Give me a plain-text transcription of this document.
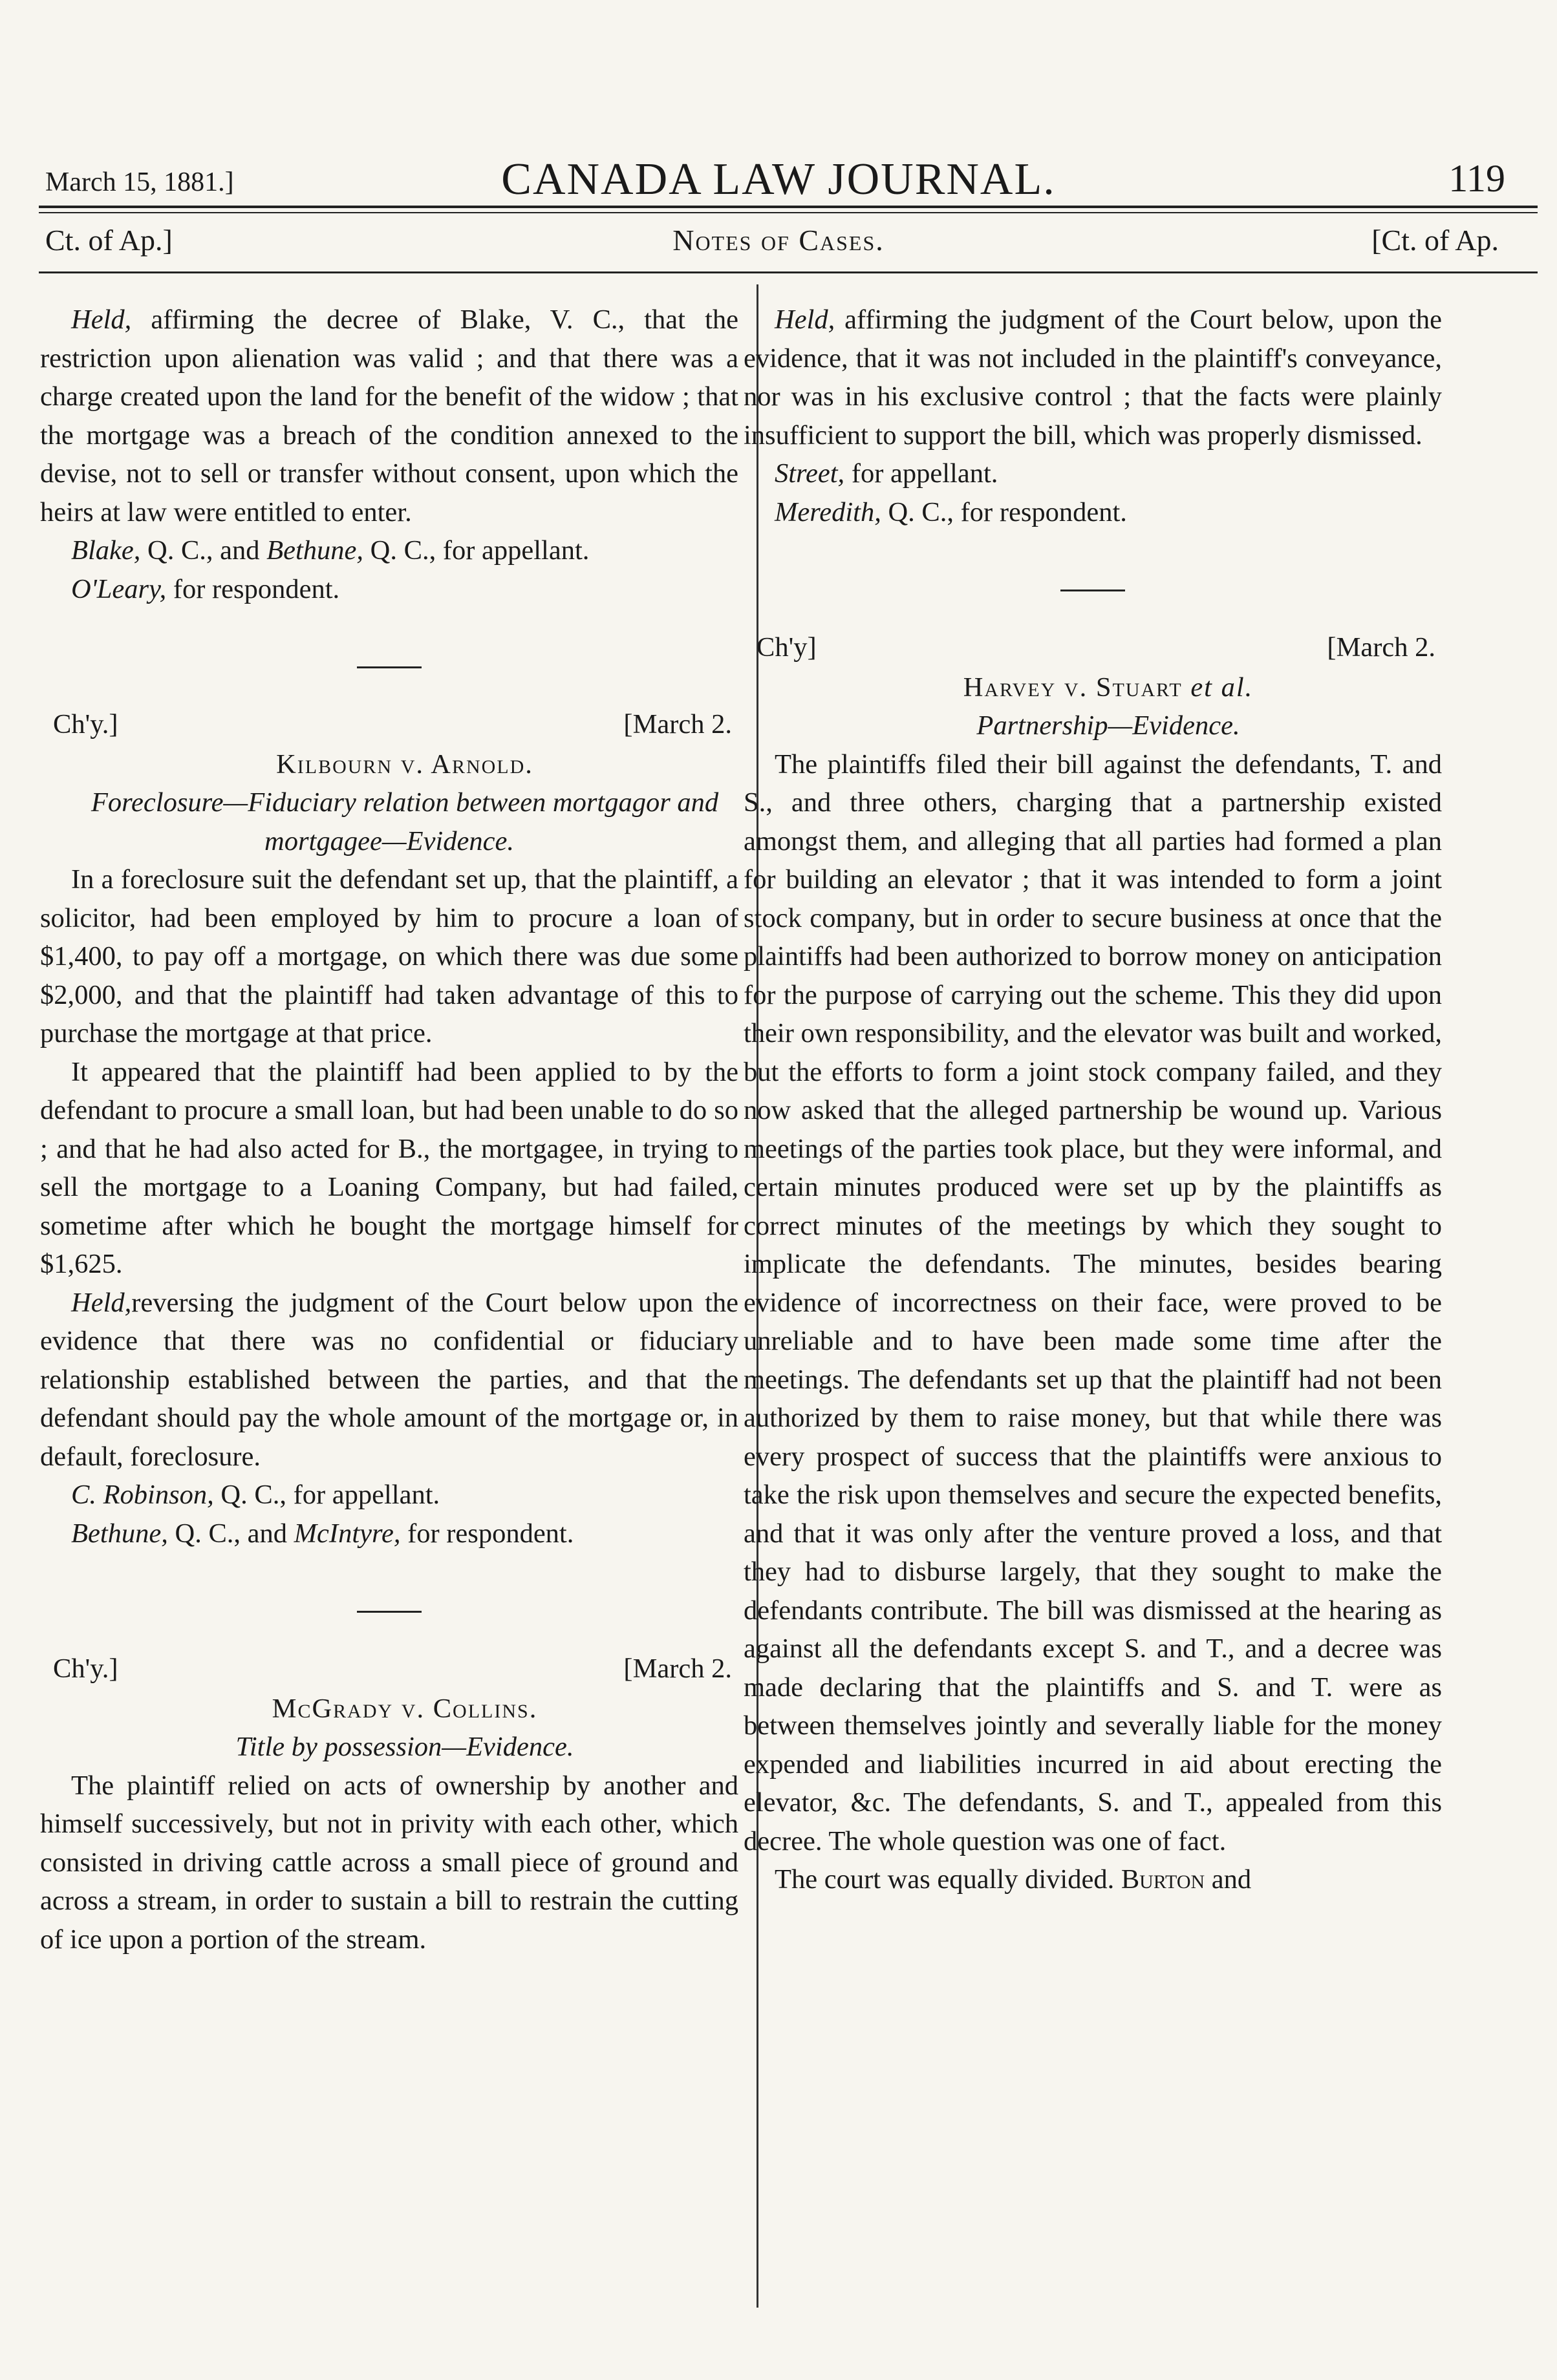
March 15, 1881.]	CANADA LAW JOURNAL.	119
Ct. of Ap.]	Notes of Cases.	[Ct. of Ap.

Held, affirming the decree of Blake, V. C., that the restriction upon alienation was valid ; and that there was a charge created upon the land for the benefit of the widow ; that the mortgage was a breach of the condition annexed to the devise, not to sell or transfer without consent, upon which the heirs at law were entitled to enter.

Blake, Q. C., and Bethune, Q. C., for appellant.

O'Leary, for respondent.

Ch'y.]	[March 2.

Kilbourn v. Arnold.

Foreclosure—Fiduciary relation between mortgagor and mortgagee—Evidence.

In a foreclosure suit the defendant set up, that the plaintiff, a solicitor, had been employed by him to procure a loan of $1,400, to pay off a mortgage, on which there was due some $2,000, and that the plaintiff had taken advantage of this to purchase the mortgage at that price.

It appeared that the plaintiff had been applied to by the defendant to procure a small loan, but had been unable to do so ; and that he had also acted for B., the mortgagee, in trying to sell the mortgage to a Loaning Company, but had failed, sometime after which he bought the mortgage himself for $1,625.

Held,reversing the judgment of the Court below upon the evidence that there was no confidential or fiduciary relationship established between the parties, and that the defendant should pay the whole amount of the mortgage or, in default, foreclosure.

C. Robinson, Q. C., for appellant.

Bethune, Q. C., and McIntyre, for respondent.

Ch'y.]	[March 2.

McGrady v. Collins.

Title by possession—Evidence.

The plaintiff relied on acts of ownership by another and himself successively, but not in privity with each other, which consisted in driving cattle across a small piece of ground and across a stream, in order to sustain a bill to restrain the cutting of ice upon a portion of the stream.

Held, affirming the judgment of the Court below, upon the evidence, that it was not included in the plaintiff's conveyance, nor was in his exclusive control ; that the facts were plainly insufficient to support the bill, which was properly dismissed.

Street, for appellant.

Meredith, Q. C., for respondent.

Ch'y]	[March 2.

Harvey v. Stuart et al.

Partnership—Evidence.

The plaintiffs filed their bill against the defendants, T. and S., and three others, charging that a partnership existed amongst them, and alleging that all parties had formed a plan for building an elevator ; that it was intended to form a joint stock company, but in order to secure business at once that the plaintiffs had been authorized to borrow money on anticipation for the purpose of carrying out the scheme. This they did upon their own responsibility, and the elevator was built and worked, but the efforts to form a joint stock company failed, and they now asked that the alleged partnership be wound up. Various meetings of the parties took place, but they were informal, and certain minutes produced were set up by the plaintiffs as correct minutes of the meetings by which they sought to implicate the defendants. The minutes, besides bearing evidence of incorrectness on their face, were proved to be unreliable and to have been made some time after the meetings. The defendants set up that the plaintiff had not been authorized by them to raise money, but that while there was every prospect of success that the plaintiffs were anxious to take the risk upon themselves and secure the expected benefits, and that it was only after the venture proved a loss, and that they had to disburse largely, that they sought to make the defendants contribute. The bill was dismissed at the hearing as against all the defendants except S. and T., and a decree was made declaring that the plaintiffs and S. and T. were as between themselves jointly and severally liable for the money expended and liabilities incurred in aid about erecting the elevator, &c. The defendants, S. and T., appealed from this decree. The whole question was one of fact.

The court was equally divided. Burton and
